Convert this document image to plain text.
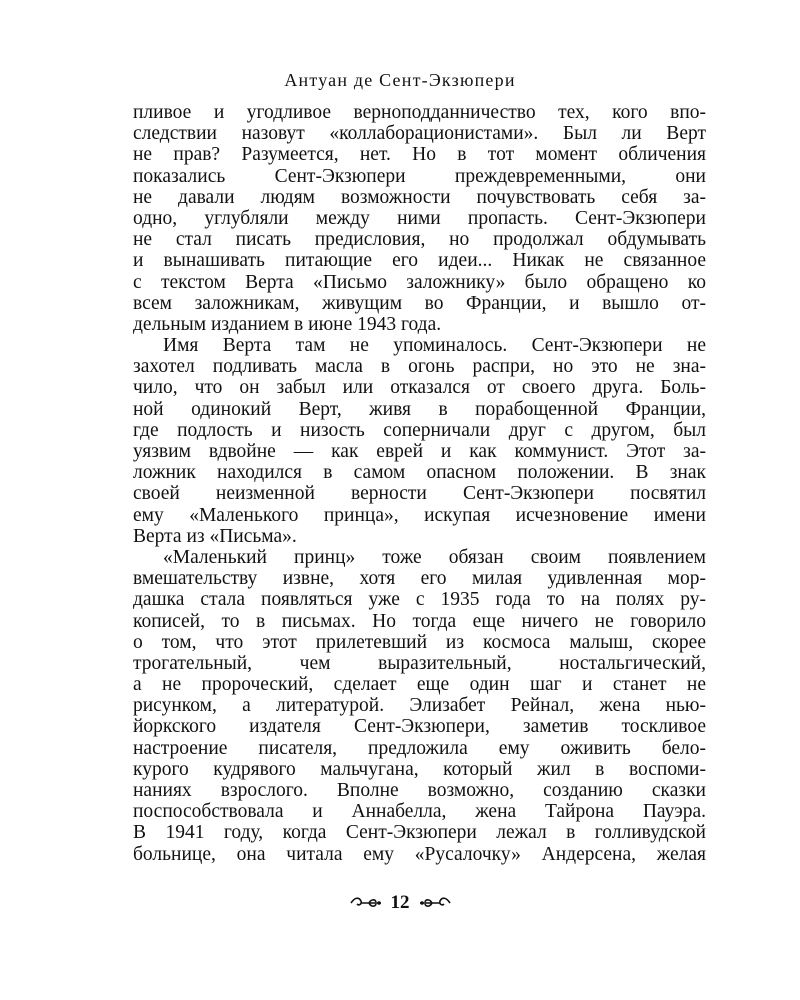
Антуан де Сент-Экзюпери
пливое и угодливое верноподданничество тех, кого впо-
следствии назовут «коллаборационистами». Был ли Верт
не прав? Разумеется, нет. Но в тот момент обличения
показались Сент-Экзюпери преждевременными, они
не давали людям возможности почувствовать себя за-
одно, углубляли между ними пропасть. Сент-Экзюпери
не стал писать предисловия, но продолжал обдумывать
и вынашивать питающие его идеи... Никак не связанное
с текстом Верта «Письмо заложнику» было обращено ко
всем заложникам, живущим во Франции, и вышло от-
дельным изданием в июне 1943 года.
Имя Верта там не упоминалось. Сент-Экзюпери не
захотел подливать масла в огонь распри, но это не зна-
чило, что он забыл или отказался от своего друга. Боль-
ной одинокий Верт, живя в порабощенной Франции,
где подлость и низость соперничали друг с другом, был
уязвим вдвойне — как еврей и как коммунист. Этот за-
ложник находился в самом опасном положении. В знак
своей неизменной верности Сент-Экзюпери посвятил
ему «Маленького принца», искупая исчезновение имени
Верта из «Письма».
«Маленький принц» тоже обязан своим появлением
вмешательству извне, хотя его милая удивленная мор-
дашка стала появляться уже с 1935 года то на полях ру-
кописей, то в письмах. Но тогда еще ничего не говорило
о том, что этот прилетевший из космоса малыш, скорее
трогательный, чем выразительный, ностальгический,
а не пророческий, сделает еще один шаг и станет не
рисунком, а литературой. Элизабет Рейнал, жена нью-
йоркского издателя Сент-Экзюпери, заметив тоскливое
настроение писателя, предложила ему оживить бело-
курого кудрявого мальчугана, который жил в воспоми-
наниях взрослого. Вполне возможно, созданию сказки
поспособствовала и Аннабелла, жена Тайрона Пауэра.
В 1941 году, когда Сент-Экзюпери лежал в голливудской
больнице, она читала ему «Русалочку» Андерсена, желая
12
